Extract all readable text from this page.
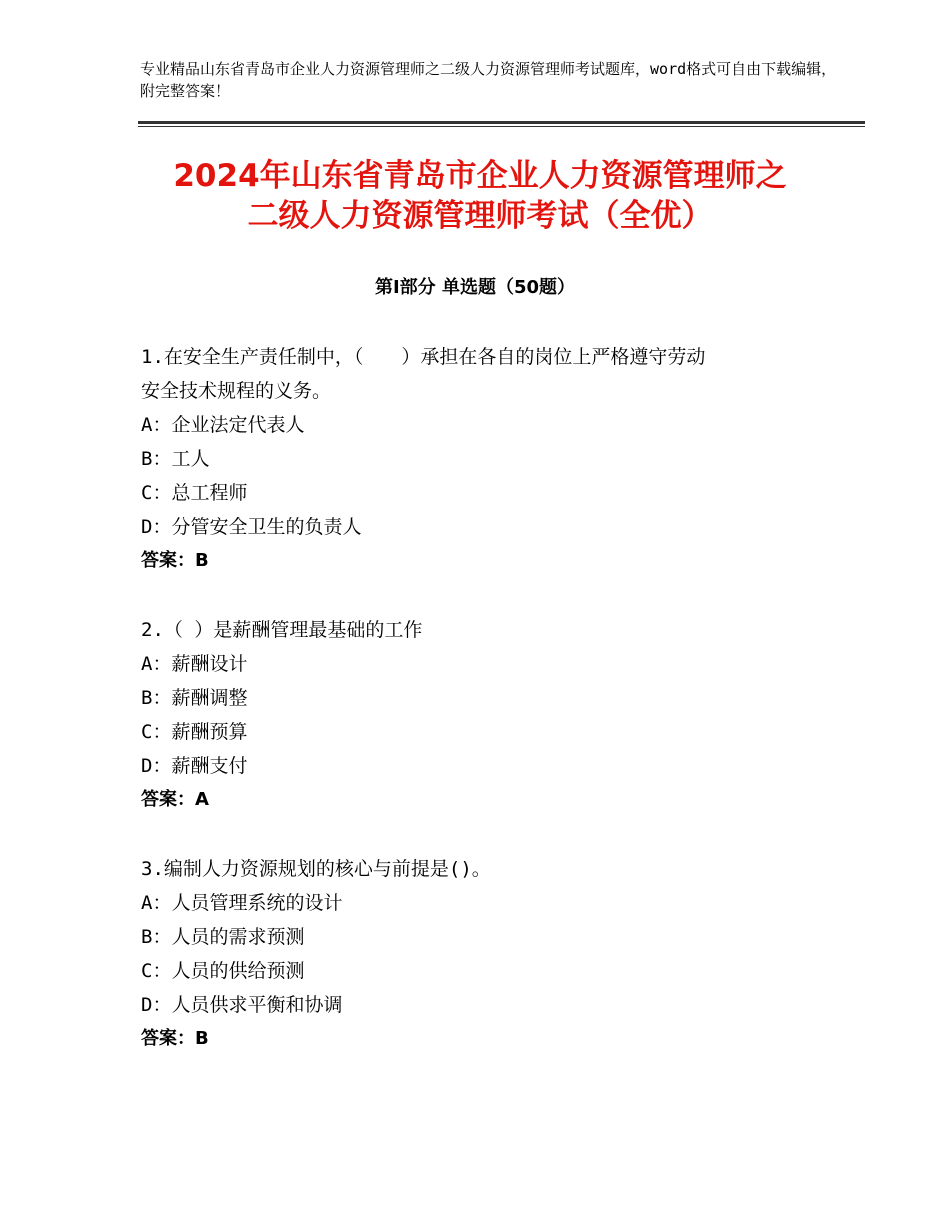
专业精品山东省青岛市企业人力资源管理师之二级人力资源管理师考试题库，word格式可自由下载编辑，附完整答案！
2024年山东省青岛市企业人力资源管理师之
二级人力资源管理师考试（全优）
第Ⅰ部分 单选题（50题）
1.在安全生产责任制中，（　　）承担在各自的岗位上严格遵守劳动
安全技术规程的义务。
A：企业法定代表人
B：工人
C：总工程师
D：分管安全卫生的负责人
答案：B
2.（ ）是薪酬管理最基础的工作
A：薪酬设计
B：薪酬调整
C：薪酬预算
D：薪酬支付
答案：A
3.编制人力资源规划的核心与前提是()。
A：人员管理系统的设计
B：人员的需求预测
C：人员的供给预测
D：人员供求平衡和协调
答案：B
